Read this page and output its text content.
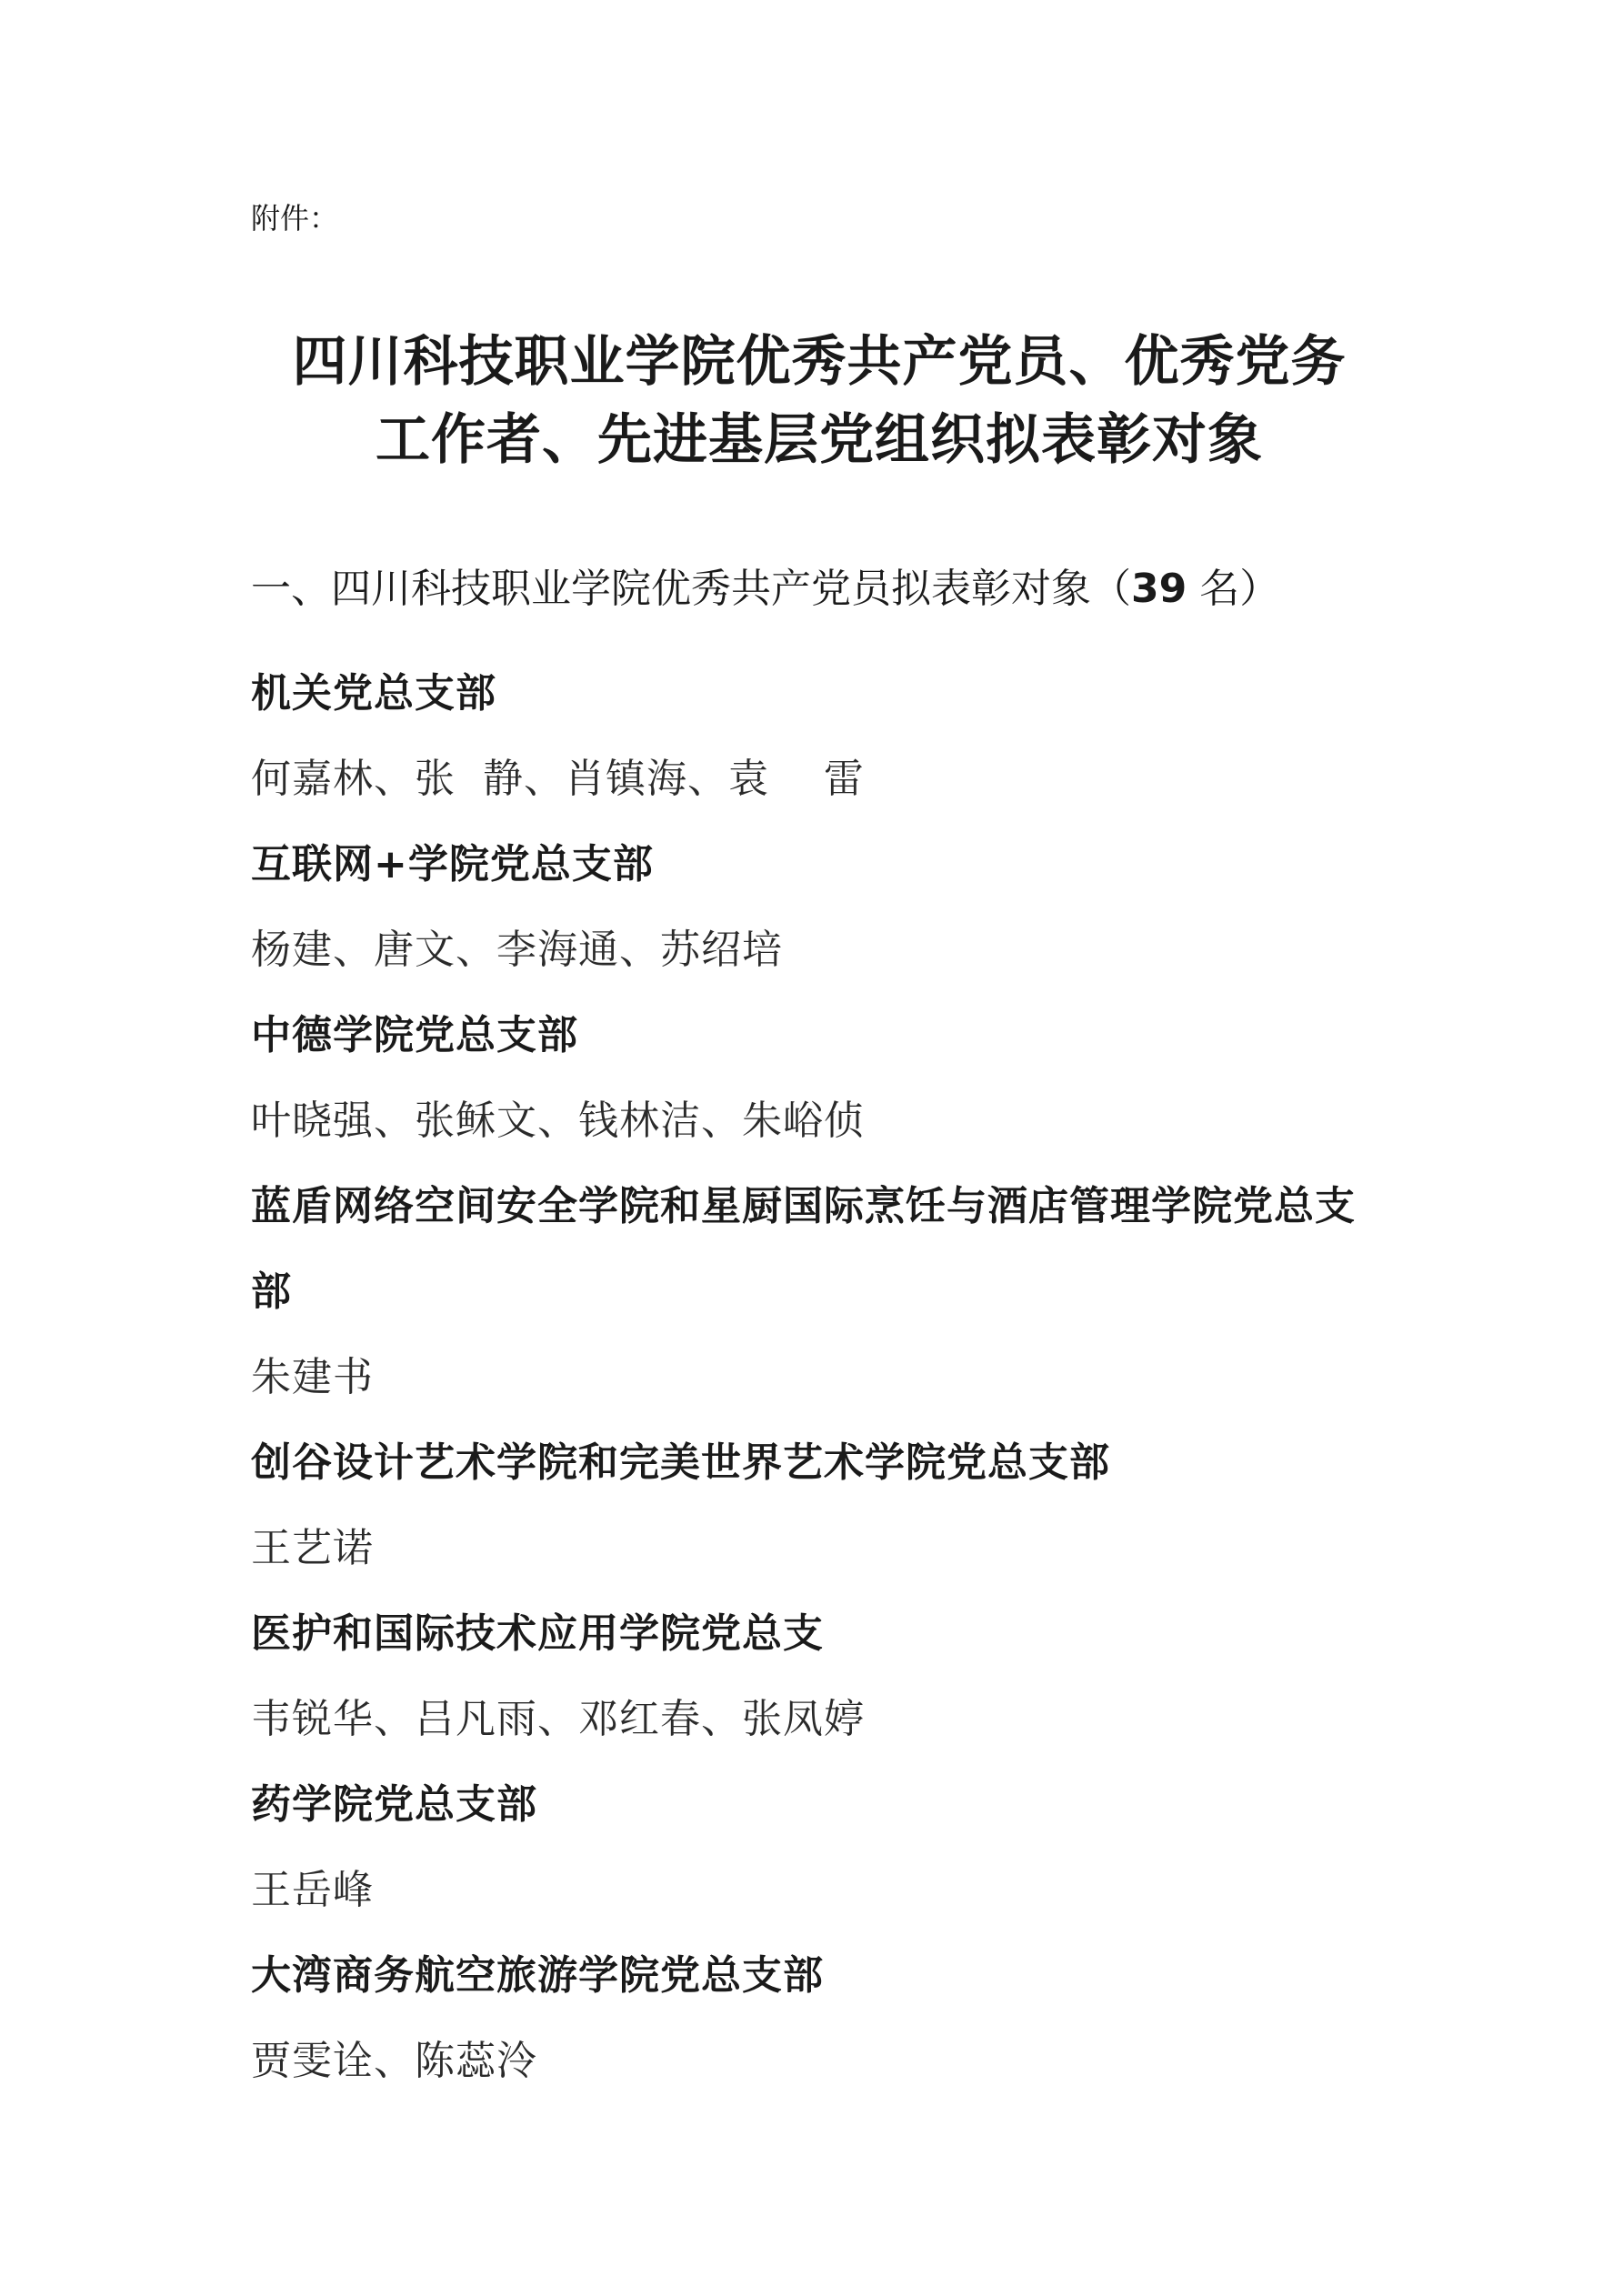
附件：
四川科技职业学院优秀共产党员、优秀党务
工作者、先进基层党组织拟表彰对象
一、四川科技职业学院优秀共产党员拟表彰对象（39 名）
机关党总支部
何嘉林、张  静、肖镇海、袁    雷
互联网+学院党总支部
杨建、唐文、李海通、苏绍培
中德学院党总支部
叶晓强、张稣文、钱林洁、朱峪侦
蓝盾网络空间安全学院和星厨国际烹饪与酒店管理学院党总支部
朱建书
创谷设计艺术学院和完美世界艺术学院党总支部
王艺诺
医护和国际技术应用学院党总支
韦锐华、吕凡雨、邓红春、张凤婷
药学院党总支部
王岳峰
大湾商务航空旅游学院党总支部
贾雯诠、陈蕊泠
